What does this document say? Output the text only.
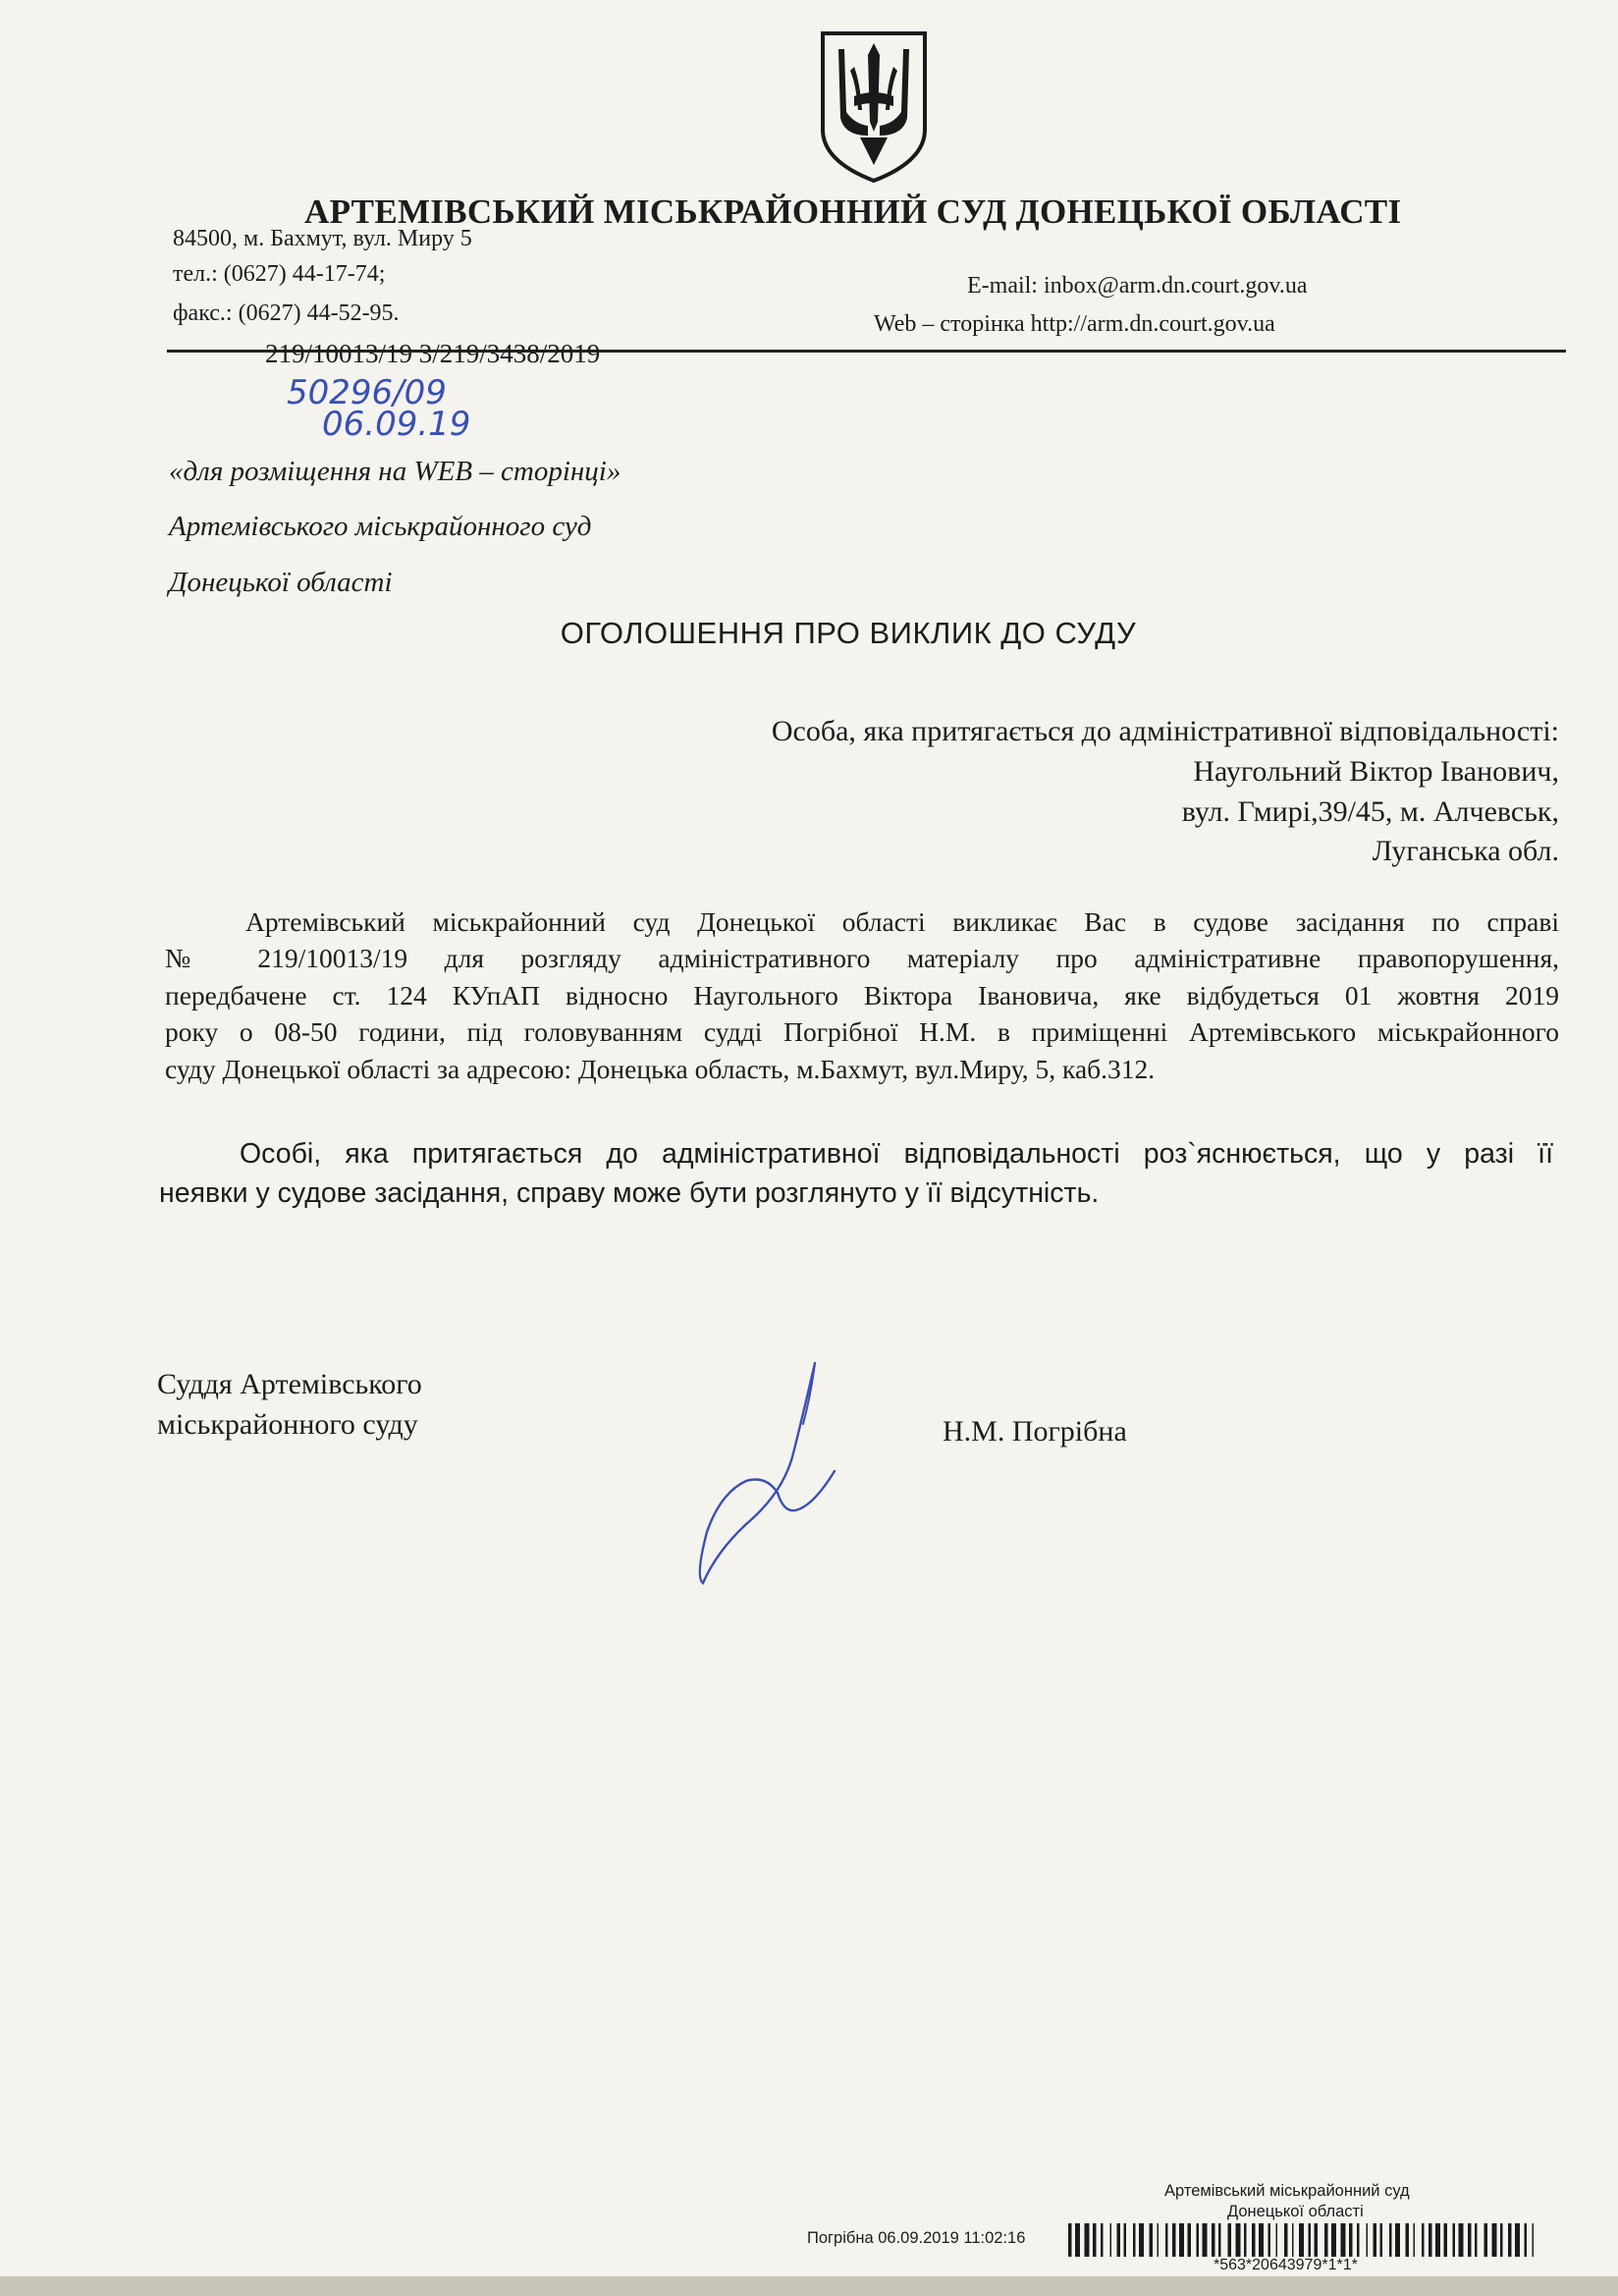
АРТЕМІВСЬКИЙ МІСЬКРАЙОННИЙ СУД ДОНЕЦЬКОЇ ОБЛАСТІ
84500, м. Бахмут, вул. Миру 5
тел.: (0627) 44-17-74;
факс.: (0627) 44-52-95.
E-mail: inbox@arm.dn.court.gov.ua
Web – сторінка http://arm.dn.court.gov.ua
219/10013/19 3/219/3438/2019
50296/09
06.09.19
«для розміщення на WEB – сторінці»
Артемівського міськрайонного суд
Донецької області
ОГОЛОШЕННЯ ПРО ВИКЛИК ДО СУДУ
Особа, яка притягається до адміністративної відповідальності:
Наугольний Віктор Іванович,
вул. Гмирі,39/45, м. Алчевськ,
Луганська обл.
Артемівський міськрайонний суд Донецької області викликає Вас в судове засідання по справі
№ 219/10013/19 для розгляду адміністративного матеріалу про адміністративне правопорушення,
передбачене ст. 124 КУпАП відносно Наугольного Віктора Івановича, яке відбудеться 01 жовтня 2019
року о 08-50 години, під головуванням судді Погрібної Н.М. в приміщенні Артемівського міськрайонного
суду Донецької області за адресою: Донецька область, м.Бахмут, вул.Миру, 5, каб.312.
Особі, яка притягається до адміністративної відповідальності роз`яснюється, що у разі її
неявки у судове засідання, справу може бути розглянуто у її відсутність.
Суддя Артемівського
міськрайонного суду	Н.М. Погрібна
Артемівський міськрайонний суд
Донецької області
Погрібна 06.09.2019 11:02:16
*563*20643979*1*1*
